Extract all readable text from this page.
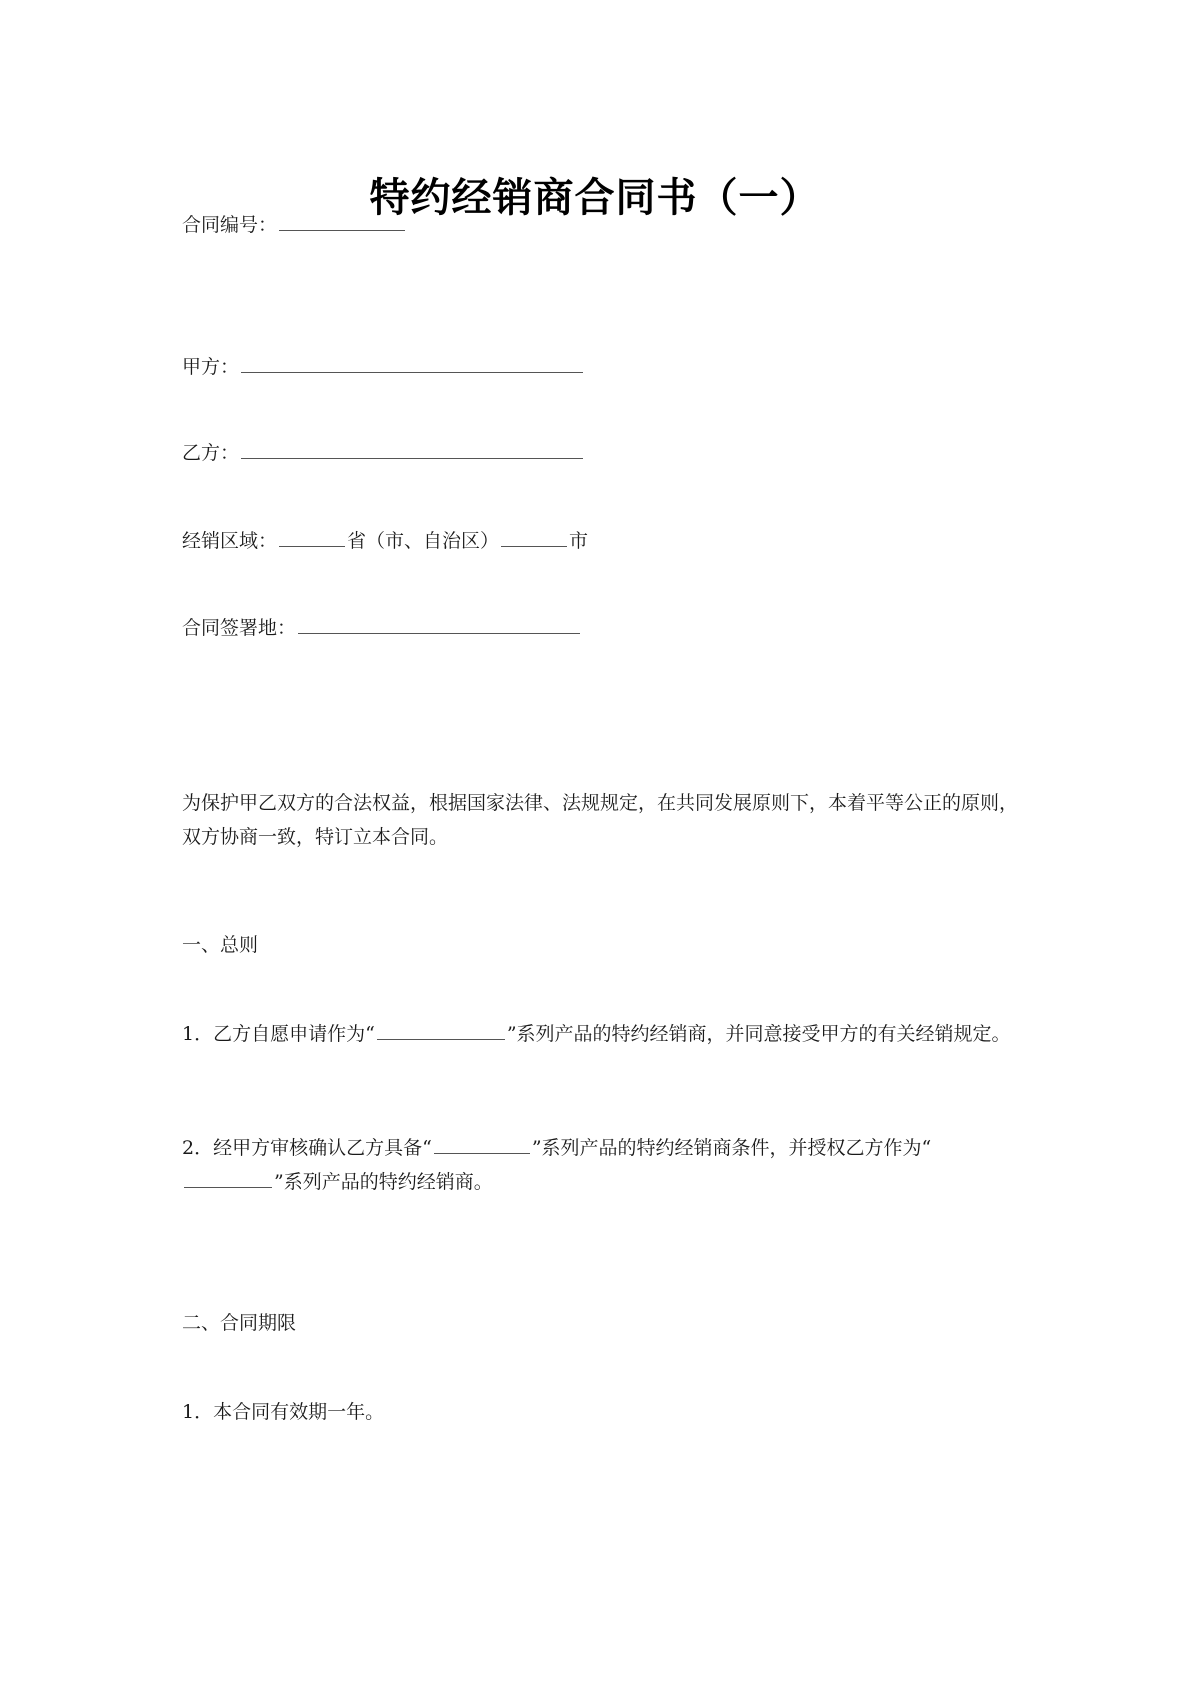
特约经销商合同书（一）
合同编号：
甲方：
乙方：
经销区域：	省（市、自治区）	市
合同签署地：
为保护甲乙双方的合法权益，根据国家法律、法规规定，在共同发展原则下，本着平等公正的原则，双方协商一致，特订立本合同。
一、总则
1．乙方自愿申请作为“	”系列产品的特约经销商，并同意接受甲方的有关经销规定。
2．经甲方审核确认乙方具备“	”系列产品的特约经销商条件，并授权乙方作为“”系列产品的特约经销商。
二、合同期限
1．本合同有效期一年。
